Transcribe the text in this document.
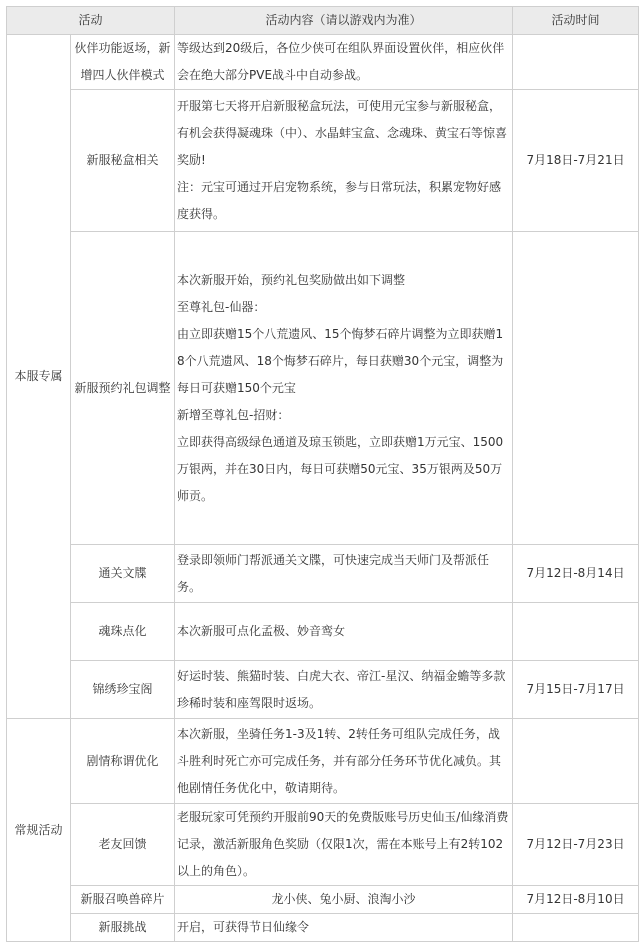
活动		活动内容（请以游戏内为准）	活动时间
本服专属	伙伴功能返场，新增四人伙伴模式	等级达到20级后，各位少侠可在组队界面设置伙伴，相应伙伴会在绝大部分PVE战斗中自动参战。	

	新服秘盒相关	开服第七天将开启新服秘盒玩法，可使用元宝参与新服秘盒，有机会获得凝魂珠（中）、水晶蚌宝盒、念魂珠、黄宝石等惊喜奖励!
注：元宝可通过开启宠物系统，参与日常玩法，积累宠物好感度获得。	7月18日-7月21日
	新服预约礼包调整	本次新服开始，预约礼包奖励做出如下调整
至尊礼包-仙器：
由立即获赠15个八荒遗风、15个悔梦石碎片调整为立即获赠18个八荒遗风、18个悔梦石碎片，每日获赠30个元宝，调整为每日可获赠150个元宝
新增至尊礼包-招财：
立即获得高级绿色通道及琼玉锁匙，立即获赠1万元宝、1500万银两，并在30日内，每日可获赠50元宝、35万银两及50万师贡。	

	通关文牒	登录即领师门帮派通关文牒，可快速完成当天师门及帮派任务。	7月12日-8月14日
	魂珠点化	本次新服可点化孟极、妙音鸾女	

	锦绣珍宝阁	好运时装、熊猫时装、白虎大衣、帝江-星汉、纳福金蟾等多款珍稀时装和座驾限时返场。	7月15日-7月17日
常规活动	剧情称谓优化	本次新服，坐骑任务1-3及1转、2转任务可组队完成任务，战斗胜利时死亡亦可完成任务，并有部分任务环节优化减负。其他剧情任务优化中，敬请期待。	

	老友回馈	老服玩家可凭预约开服前90天的免费版账号历史仙玉/仙缘消费记录，激活新服角色奖励（仅限1次，需在本账号上有2转102以上的角色）。	7月12日-7月23日
	新服召唤兽碎片	龙小侠、兔小厨、浪淘小沙	7月12日-8月10日
	新服挑战	开启，可获得节日仙缘令	
